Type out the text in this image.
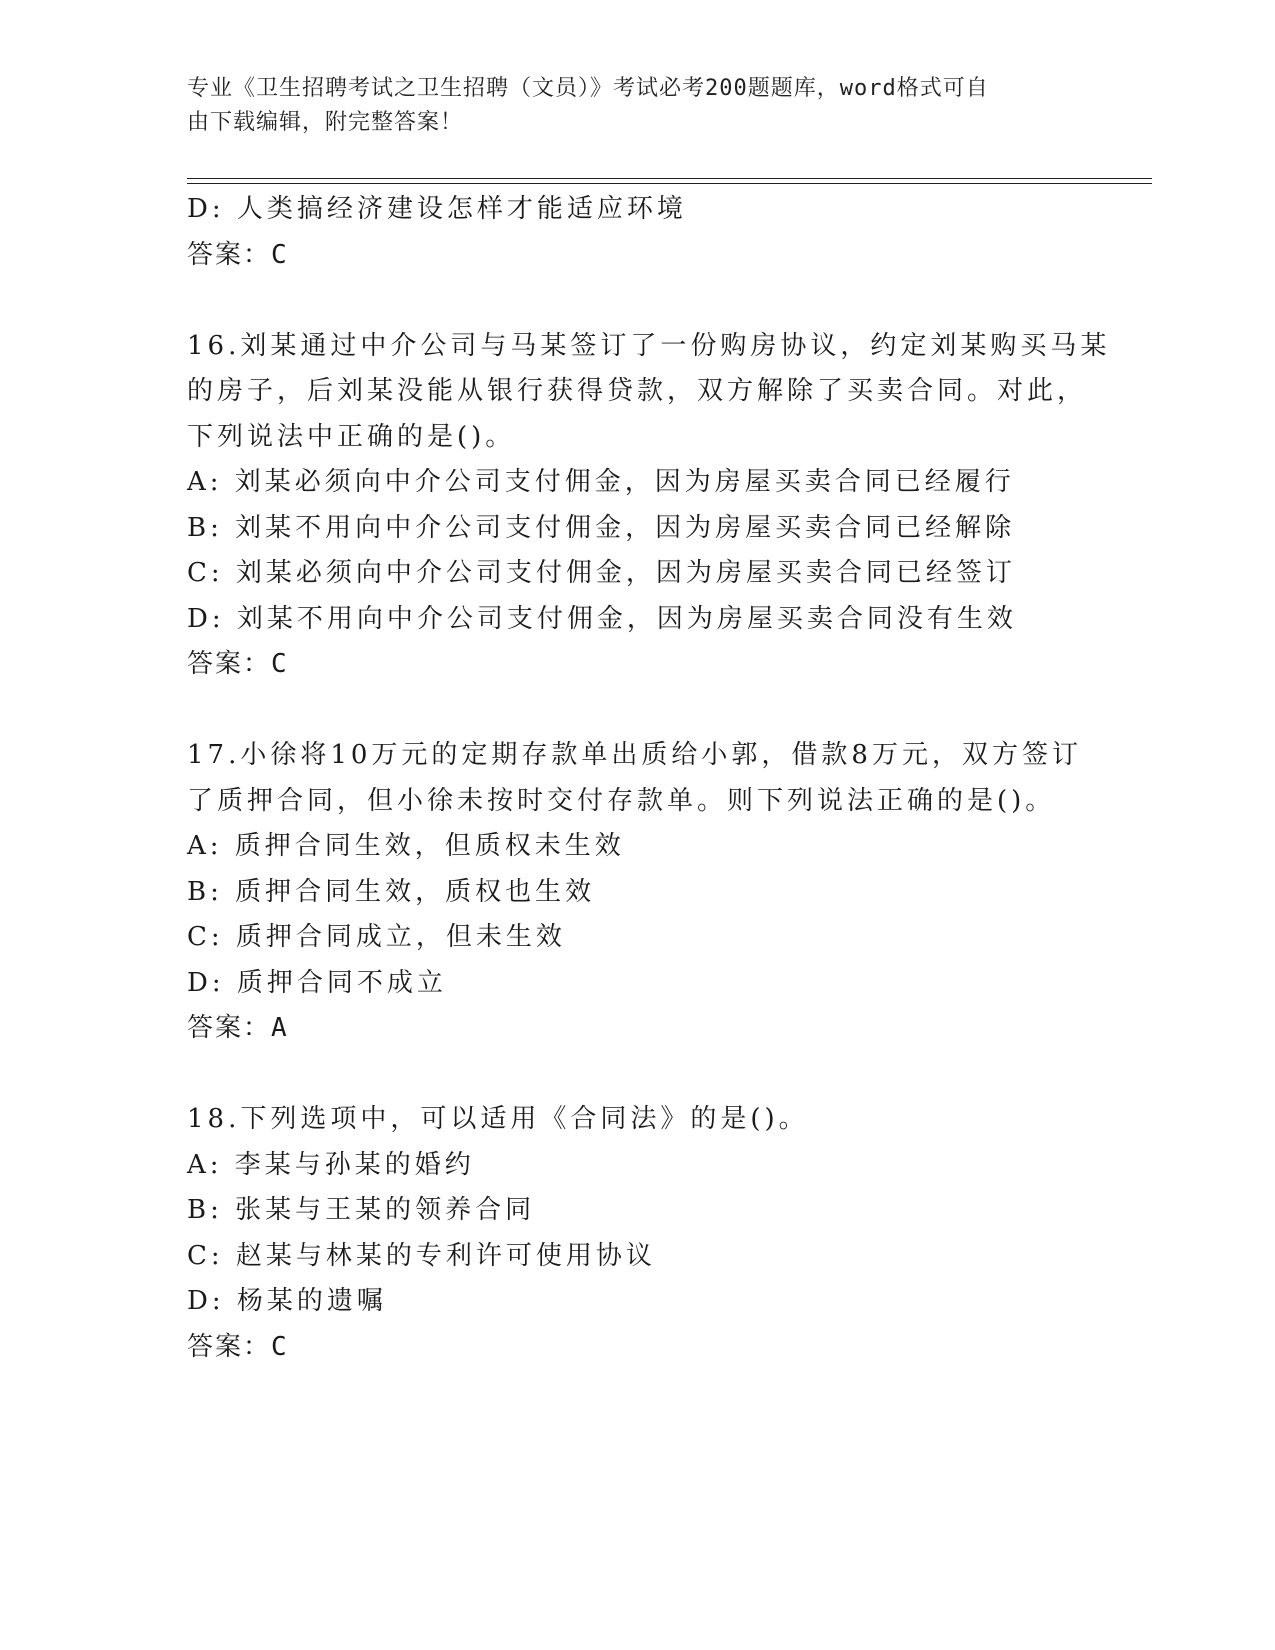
专业《卫生招聘考试之卫生招聘（文员）》考试必考200题题库，word格式可自
由下载编辑，附完整答案！
D: 人类搞经济建设怎样才能适应环境
答案：C
16.刘某通过中介公司与马某签订了一份购房协议，约定刘某购买马某
的房子，后刘某没能从银行获得贷款，双方解除了买卖合同。对此，
下列说法中正确的是()。
A: 刘某必须向中介公司支付佣金，因为房屋买卖合同已经履行
B: 刘某不用向中介公司支付佣金，因为房屋买卖合同已经解除
C: 刘某必须向中介公司支付佣金，因为房屋买卖合同已经签订
D: 刘某不用向中介公司支付佣金，因为房屋买卖合同没有生效
答案：C
17.小徐将10万元的定期存款单出质给小郭，借款8万元，双方签订
了质押合同，但小徐未按时交付存款单。则下列说法正确的是()。
A: 质押合同生效，但质权未生效
B: 质押合同生效，质权也生效
C: 质押合同成立，但未生效
D: 质押合同不成立
答案：A
18.下列选项中，可以适用《合同法》的是()。
A: 李某与孙某的婚约
B: 张某与王某的领养合同
C: 赵某与林某的专利许可使用协议
D: 杨某的遗嘱
答案：C
